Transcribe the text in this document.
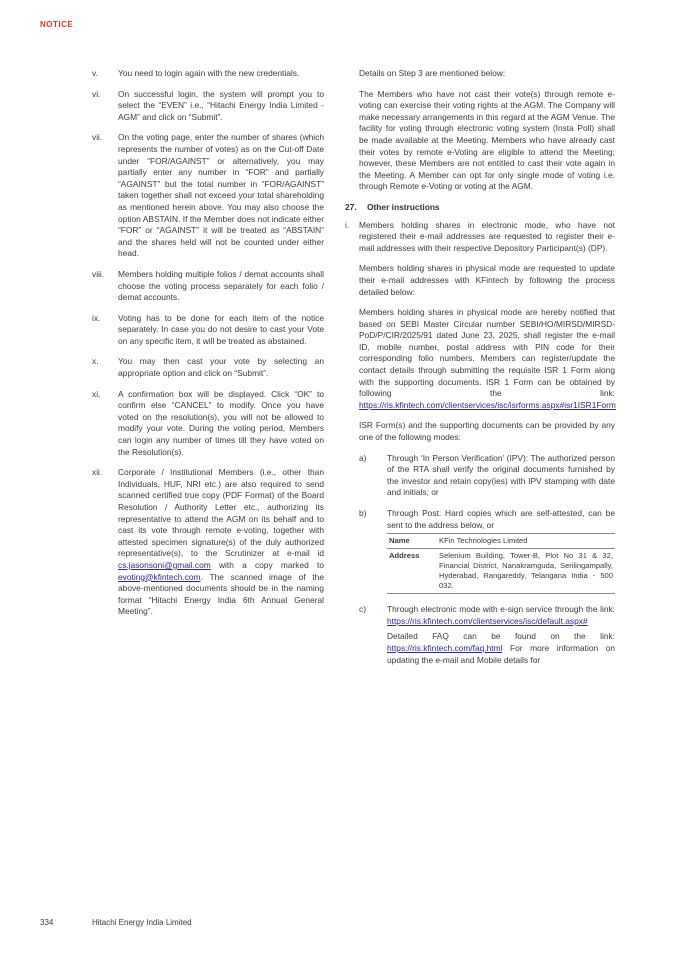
NOTICE
v. You need to login again with the new credentials.
vi. On successful login, the system will prompt you to select the “EVEN” i.e., “Hitachi Energy India Limited - AGM” and click on “Submit”.
vii. On the voting page, enter the number of shares (which represents the number of votes) as on the Cut-off Date under “FOR/AGAINST” or alternatively, you may partially enter any number in “FOR” and partially “AGAINST” but the total number in “FOR/AGAINST” taken together shall not exceed your total shareholding as mentioned herein above. You may also choose the option ABSTAIN. If the Member does not indicate either “FOR” or “AGAINST” it will be treated as “ABSTAIN” and the shares held will not be counted under either head.
viii. Members holding multiple folios / demat accounts shall choose the voting process separately for each folio / demat accounts.
ix. Voting has to be done for each item of the notice separately. In case you do not desire to cast your Vote on any specific item, it will be treated as abstained.
x. You may then cast your vote by selecting an appropriate option and click on “Submit”.
xi. A confirmation box will be displayed. Click “OK” to confirm else “CANCEL” to modify. Once you have voted on the resolution(s), you will not be allowed to modify your vote. During the voting period, Members can login any number of times till they have voted on the Resolution(s).
xii. Corporate / Institutional Members (i.e., other than Individuals, HUF, NRI etc.) are also required to send scanned certified true copy (PDF Format) of the Board Resolution / Authority Letter etc., authorizing its representative to attend the AGM on its behalf and to cast its vote through remote e-voting, together with attested specimen signature(s) of the duly authorized representative(s), to the Scrutinizer at e-mail id cs.jasonsoni@gmail.com with a copy marked to evoting@kfintech.com. The scanned image of the above-mentioned documents should be in the naming format “Hitachi Energy India 6th Annual General Meeting”.

Details on Step 3 are mentioned below:

The Members who have not cast their vote(s) through remote e-voting can exercise their voting rights at the AGM. The Company will make necessary arrangements in this regard at the AGM Venue. The facility for voting through electronic voting system (Insta Poll) shall be made available at the Meeting. Members who have already cast their votes by remote e-Voting are eligible to attend the Meeting; however, these Members are not entitled to cast their vote again in the Meeting. A Member can opt for only single mode of voting i.e. through Remote e-Voting or voting at the AGM.

27. Other instructions
i. Members holding shares in electronic mode, who have not registered their e-mail addresses are requested to register their e-mail addresses with their respective Depository Participant(s) (DP).

Members holding shares in physical mode are requested to update their e-mail addresses with KFintech by following the process detailed below:

Members holding shares in physical mode are hereby notified that based on SEBI Master Circular number SEBI/HO/MIRSD/MIRSD-PoD/P/CIR/2025/91 dated June 23, 2025, shall register the e-mail ID, mobile number, postal address with PIN code for their corresponding folio numbers. Members can register/update the contact details through submitting the requisite ISR 1 Form along with the supporting documents. ISR 1 Form can be obtained by following the link: https://ris.kfintech.com/clientservices/isc/isrforms.aspx#isr1ISR1Form

ISR Form(s) and the supporting documents can be provided by any one of the following modes:

a) Through ‘In Person Verification’ (IPV): The authorized person of the RTA shall verify the original documents furnished by the investor and retain copy(ies) with IPV stamping with date and initials; or
b) Through Post: Hard copies which are self-attested, can be sent to the address below, or
Name	KFin Technologies Limited
Address	Selenium Building, Tower-B, Plot No 31 & 32, Financial District, Nanakramguda, Serilingampally, Hyderabad, Rangareddy, Telangana India - 500 032.
c)	Through electronic mode with e-sign service through the link: https://ris.kfintech.com/clientservices/isc/default.aspx#
Detailed FAQ can be found on the link: https://ris.kfintech.com/faq.html For more information on updating the e-mail and Mobile details for
334	Hitachi Energy India Limited
